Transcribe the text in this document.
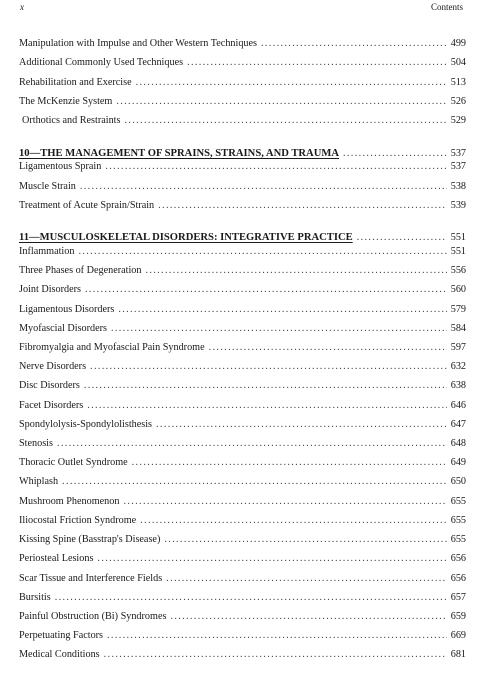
x	Contents
Manipulation with Impulse and Other Western Techniques . . .	499
Additional Commonly Used Techniques . . .	504
Rehabilitation and Exercise . . .	513
The McKenzie System . . .	526
Orthotics and Restraints . . .	529
10—THE MANAGEMENT OF SPRAINS, STRAINS, AND TRAUMA . . .	537
Ligamentous Sprain . . .	537
Muscle Strain . . .	538
Treatment of Acute Sprain/Strain . . .	539
11—MUSCULOSKELETAL DISORDERS: INTEGRATIVE PRACTICE . . .	551
Inflammation . . .	551
Three Phases of Degeneration . . .	556
Joint Disorders . . .	560
Ligamentous Disorders . . .	579
Myofascial Disorders . . .	584
Fibromyalgia and Myofascial Pain Syndrome . . .	597
Nerve Disorders . . .	632
Disc Disorders . . .	638
Facet Disorders . . .	646
Spondylolysis-Spondylolisthesis . . .	647
Stenosis . . .	648
Thoracic Outlet Syndrome . . .	649
Whiplash . . .	650
Mushroom Phenomenon . . .	655
Iliocostal Friction Syndrome . . .	655
Kissing Spine (Basstrap's Disease) . . .	655
Periosteal Lesions . . .	656
Scar Tissue and Interference Fields . . .	656
Bursitis . . .	657
Painful Obstruction (Bi) Syndromes . . .	659
Perpetuating Factors . . .	669
Medical Conditions . . .	681
